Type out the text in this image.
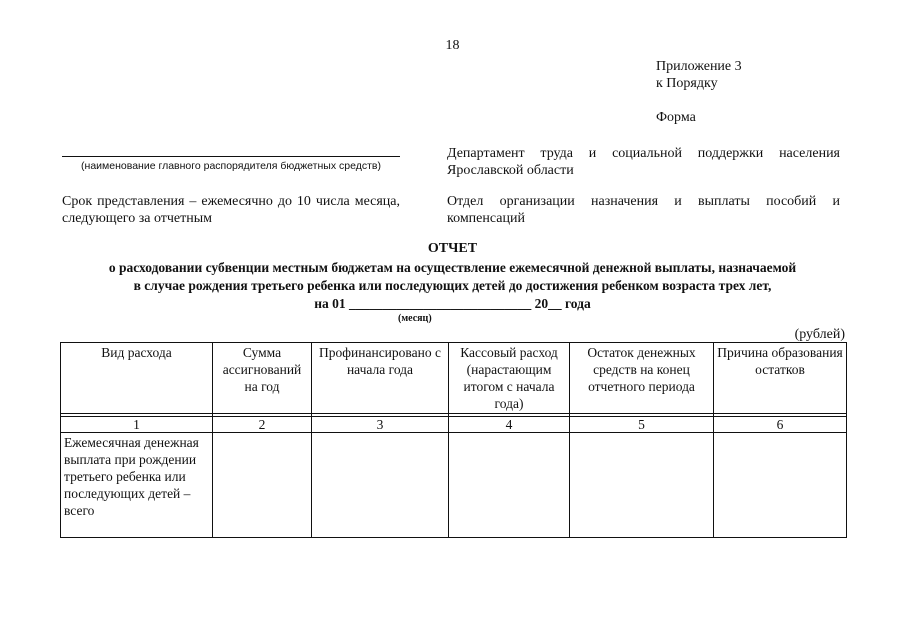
18
Приложение 3
к Порядку
Форма
(наименование главного распорядителя бюджетных средств)
Департамент труда и социальной поддержки населения Ярославской области
Срок представления – ежемесячно до 10 числа месяца, следующего за отчетным
Отдел организации назначения и выплаты пособий и компенсаций
ОТЧЕТ
о расходовании субвенции местным бюджетам на осуществление ежемесячной денежной выплаты, назначаемой
в случае рождения третьего ребенка или последующих детей до достижения ребенком возраста трех лет,
на 01 ___________________________ 20__ года
(месяц)
(рублей)
Вид расхода	Сумма ассигнований на год	Профинансировано с начала года	Кассовый расход (нарастающим итогом с начала года)	Остаток денежных средств на конец отчетного периода	Причина образования остатков

1	2	3	4	5	6
Ежемесячная денежная выплата при рождении третьего ребенка или последующих детей – всего					
